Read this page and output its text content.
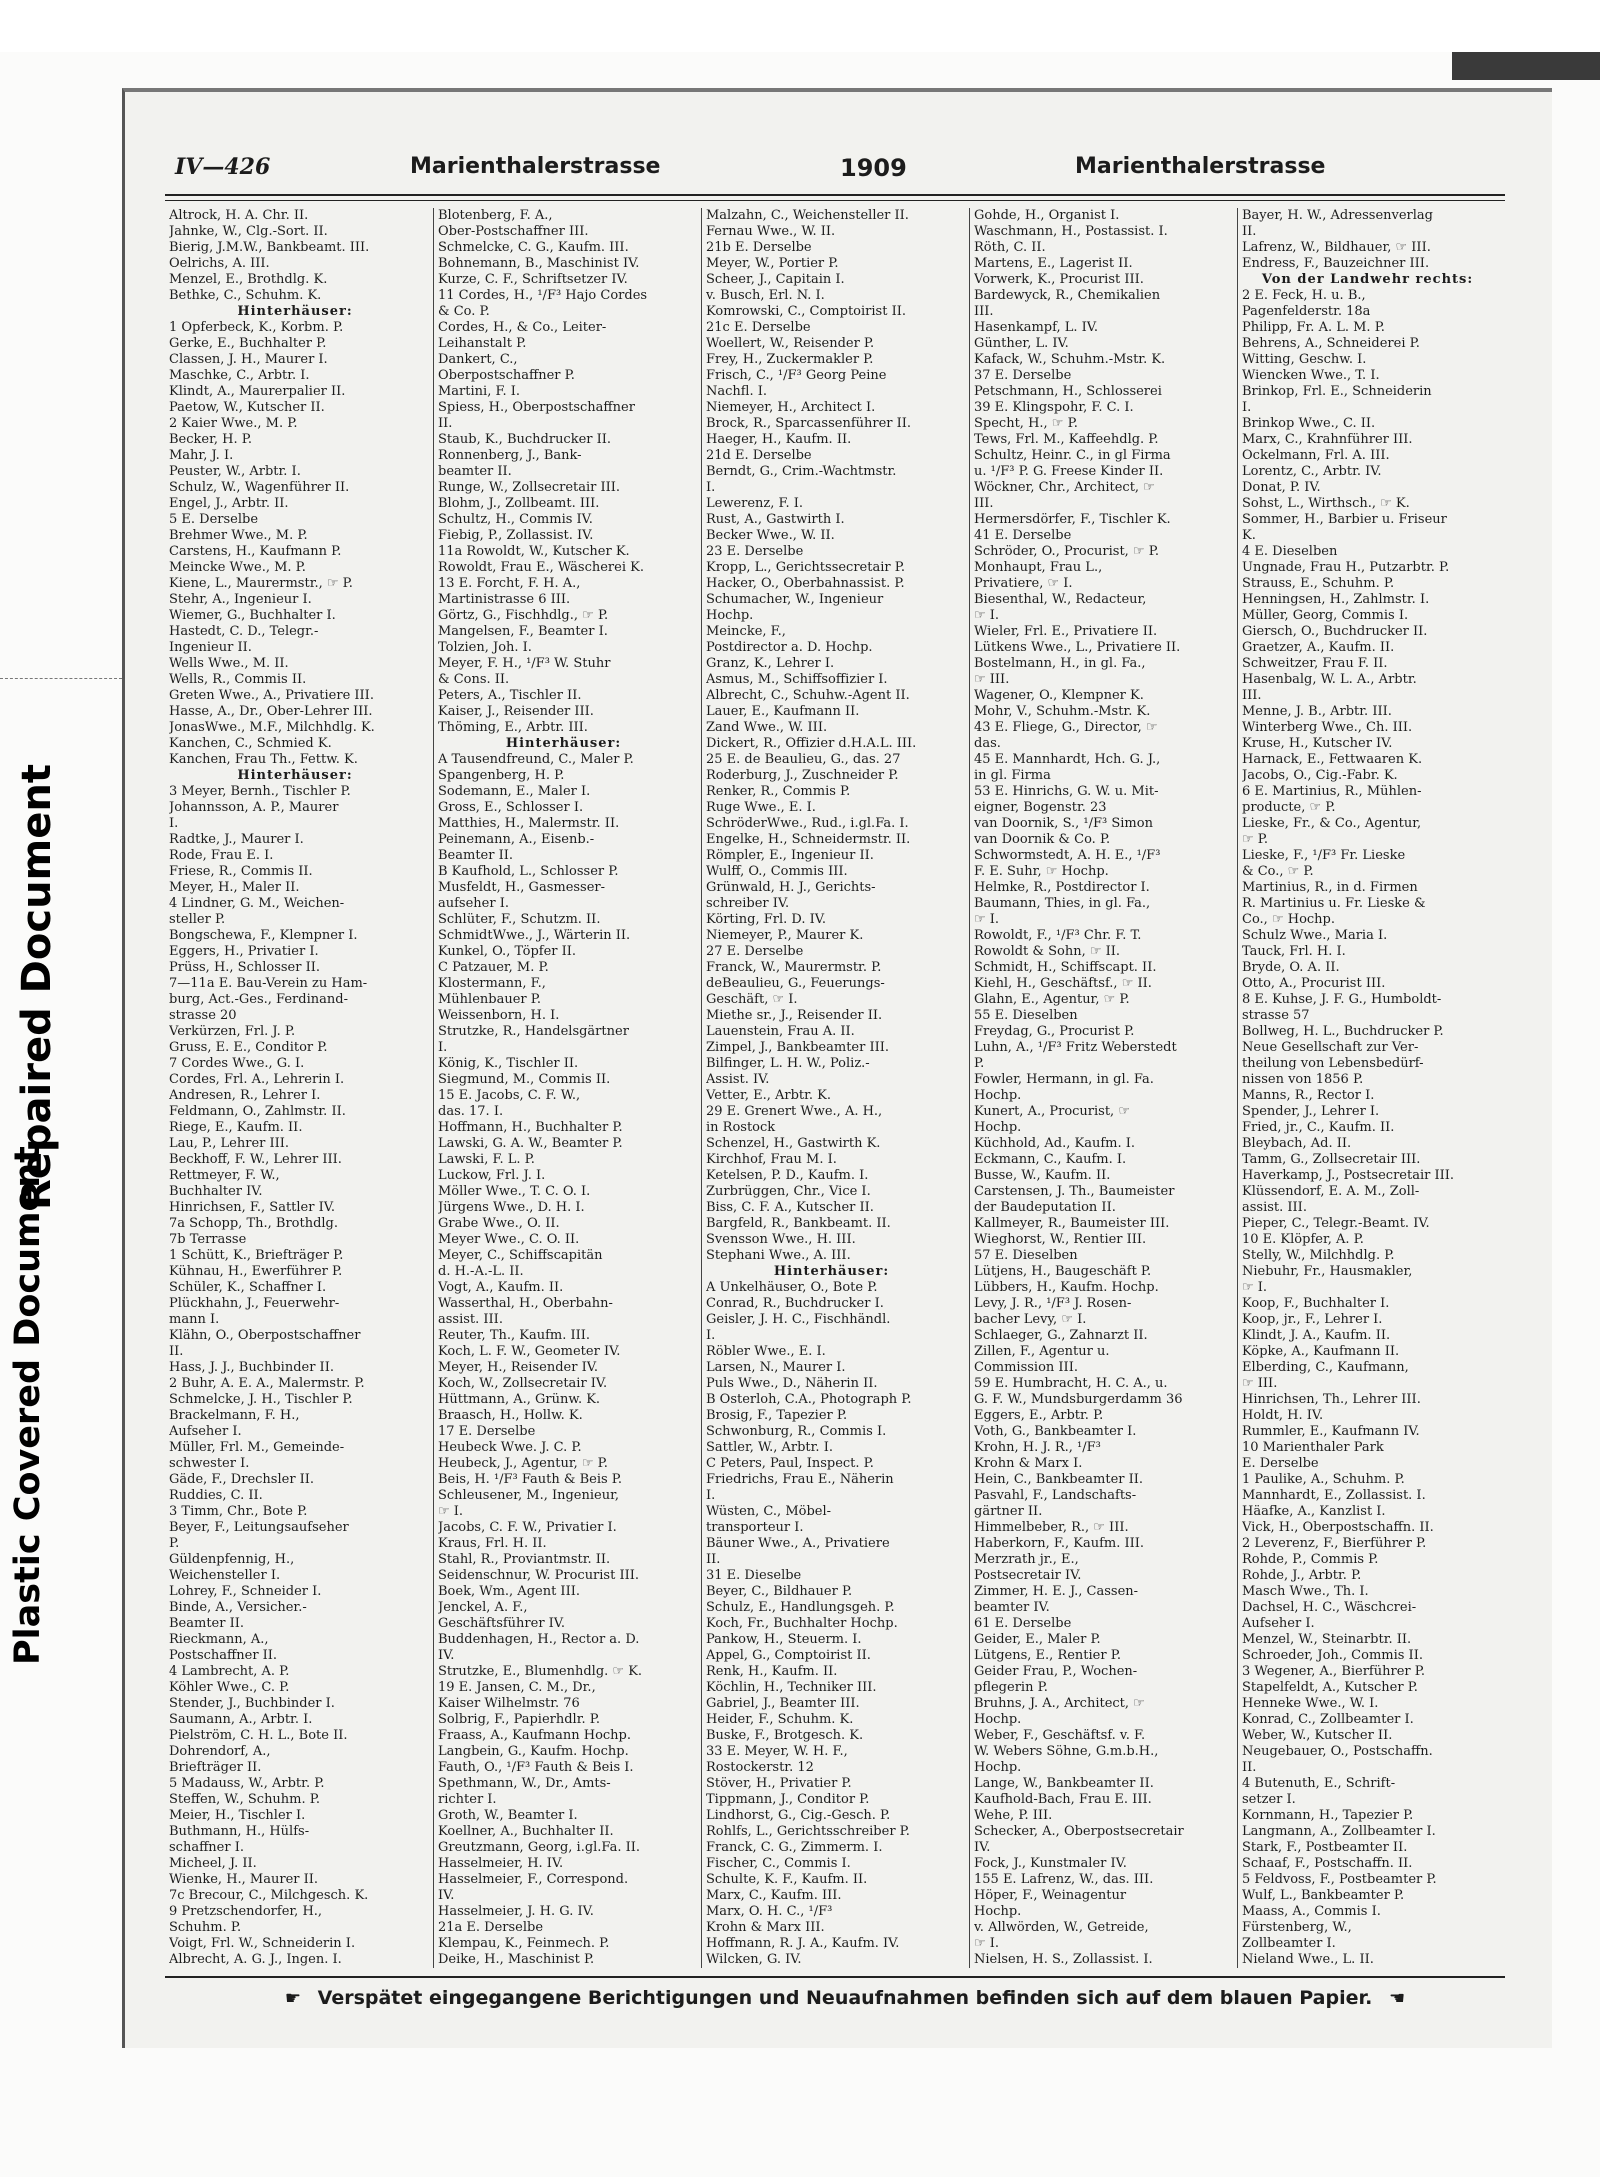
Repaired Document
Plastic Covered Document
IV—426	Marienthalerstrasse	1909	Marienthalerstrasse
Altrock, H. A. Chr. II.
Jahnke, W., Clg.-Sort. II.
Bierig, J.M.W., Bankbeamt. III.
Oelrichs, A. III.
Menzel, E., Brothdlg. K.
Bethke, C., Schuhm. K.
Hinterhäuser:
1 Opferbeck, K., Korbm. P.
Gerke, E., Buchhalter P.
Classen, J. H., Maurer I.
Maschke, C., Arbtr. I.
Klindt, A., Maurerpalier II.
Paetow, W., Kutscher II.
2 Kaier Wwe., M. P.
Becker, H. P.
Mahr, J. I.
Peuster, W., Arbtr. I.
Schulz, W., Wagenführer II.
Engel, J., Arbtr. II.
5 E. Derselbe
Brehmer Wwe., M. P.
Carstens, H., Kaufmann P.
Meincke Wwe., M. P.
Kiene, L., Maurermstr., ☞ P.
Stehr, A., Ingenieur I.
Wiemer, G., Buchhalter I.
Hastedt, C. D., Telegr.-
Ingenieur II.
Wells Wwe., M. II.
Wells, R., Commis II.
Greten Wwe., A., Privatiere III.
Hasse, A., Dr., Ober-Lehrer III.
JonasWwe., M.F., Milchhdlg. K.
Kanchen, C., Schmied K.
Kanchen, Frau Th., Fettw. K.
Hinterhäuser:
3 Meyer, Bernh., Tischler P.
Johannsson, A. P., Maurer
I.
Radtke, J., Maurer I.
Rode, Frau E. I.
Friese, R., Commis II.
Meyer, H., Maler II.
4 Lindner, G. M., Weichen-
steller P.
Bongschewa, F., Klempner I.
Eggers, H., Privatier I.
Prüss, H., Schlosser II.
7—11a E. Bau-Verein zu Ham-
burg, Act.-Ges., Ferdinand-
strasse 20
Verkürzen, Frl. J. P.
Gruss, E. E., Conditor P.
7 Cordes Wwe., G. I.
Cordes, Frl. A., Lehrerin I.
Andresen, R., Lehrer I.
Feldmann, O., Zahlmstr. II.
Riege, E., Kaufm. II.
Lau, P., Lehrer III.
Beckhoff, F. W., Lehrer III.
Rettmeyer, F. W.,
Buchhalter IV.
Hinrichsen, F., Sattler IV.
7a Schopp, Th., Brothdlg.
7b Terrasse
1 Schütt, K., Briefträger P.
Kühnau, H., Ewerführer P.
Schüler, K., Schaffner I.
Plückhahn, J., Feuerwehr-
mann I.
Klähn, O., Oberpostschaffner
II.
Hass, J. J., Buchbinder II.
2 Buhr, A. E. A., Malermstr. P.
Schmelcke, J. H., Tischler P.
Brackelmann, F. H.,
Aufseher I.
Müller, Frl. M., Gemeinde-
schwester I.
Gäde, F., Drechsler II.
Ruddies, C. II.
3 Timm, Chr., Bote P.
Beyer, F., Leitungsaufseher
P.
Güldenpfennig, H.,
Weichensteller I.
Lohrey, F., Schneider I.
Binde, A., Versicher.-
Beamter II.
Rieckmann, A.,
Postschaffner II.
4 Lambrecht, A. P.
Köhler Wwe., C. P.
Stender, J., Buchbinder I.
Saumann, A., Arbtr. I.
Pielström, C. H. L., Bote II.
Dohrendorf, A.,
Briefträger II.
5 Madauss, W., Arbtr. P.
Steffen, W., Schuhm. P.
Meier, H., Tischler I.
Buthmann, H., Hülfs-
schaffner I.
Micheel, J. II.
Wienke, H., Maurer II.
7c Brecour, C., Milchgesch. K.
9 Pretzschendorfer, H.,
Schuhm. P.
Voigt, Frl. W., Schneiderin I.
Albrecht, A. G. J., Ingen. I.
Blotenberg, F. A.,
Ober-Postschaffner III.
Schmelcke, C. G., Kaufm. III.
Bohnemann, B., Maschinist IV.
Kurze, C. F., Schriftsetzer IV.
11 Cordes, H., ¹/F³ Hajo Cordes
& Co. P.
Cordes, H., & Co., Leiter-
Leihanstalt P.
Dankert, C.,
Oberpostschaffner P.
Martini, F. I.
Spiess, H., Oberpostschaffner
II.
Staub, K., Buchdrucker II.
Ronnenberg, J., Bank-
beamter II.
Runge, W., Zollsecretair III.
Blohm, J., Zollbeamt. III.
Schultz, H., Commis IV.
Fiebig, P., Zollassist. IV.
11a Rowoldt, W., Kutscher K.
Rowoldt, Frau E., Wäscherei K.
13 E. Forcht, F. H. A.,
Martinistrasse 6 III.
Görtz, G., Fischhdlg., ☞ P.
Mangelsen, F., Beamter I.
Tolzien, Joh. I.
Meyer, F. H., ¹/F³ W. Stuhr
& Cons. II.
Peters, A., Tischler II.
Kaiser, J., Reisender III.
Thöming, E., Arbtr. III.
Hinterhäuser:
A Tausendfreund, C., Maler P.
Spangenberg, H. P.
Sodemann, E., Maler I.
Gross, E., Schlosser I.
Matthies, H., Malermstr. II.
Peinemann, A., Eisenb.-
Beamter II.
B Kaufhold, L., Schlosser P.
Musfeldt, H., Gasmesser-
aufseher I.
Schlüter, F., Schutzm. II.
SchmidtWwe., J., Wärterin II.
Kunkel, O., Töpfer II.
C Patzauer, M. P.
Klostermann, F.,
Mühlenbauer P.
Weissenborn, H. I.
Strutzke, R., Handelsgärtner
I.
König, K., Tischler II.
Siegmund, M., Commis II.
15 E. Jacobs, C. F. W.,
das. 17. I.
Hoffmann, H., Buchhalter P.
Lawski, G. A. W., Beamter P.
Lawski, F. L. P.
Luckow, Frl. J. I.
Möller Wwe., T. C. O. I.
Jürgens Wwe., D. H. I.
Grabe Wwe., O. II.
Meyer Wwe., C. O. II.
Meyer, C., Schiffscapitän
d. H.-A.-L. II.
Vogt, A., Kaufm. II.
Wasserthal, H., Oberbahn-
assist. III.
Reuter, Th., Kaufm. III.
Koch, L. F. W., Geometer IV.
Meyer, H., Reisender IV.
Koch, W., Zollsecretair IV.
Hüttmann, A., Grünw. K.
Braasch, H., Hollw. K.
17 E. Derselbe
Heubeck Wwe. J. C. P.
Heubeck, J., Agentur, ☞ P.
Beis, H. ¹/F³ Fauth & Beis P.
Schleusener, M., Ingenieur,
☞ I.
Jacobs, C. F. W., Privatier I.
Kraus, Frl. H. II.
Stahl, R., Proviantmstr. II.
Seidenschnur, W. Procurist III.
Boek, Wm., Agent III.
Jenckel, A. F.,
Geschäftsführer IV.
Buddenhagen, H., Rector a. D.
IV.
Strutzke, E., Blumenhdlg. ☞ K.
19 E. Jansen, C. M., Dr.,
Kaiser Wilhelmstr. 76
Solbrig, F., Papierhdlr. P.
Fraass, A., Kaufmann Hochp.
Langbein, G., Kaufm. Hochp.
Fauth, O., ¹/F³ Fauth & Beis I.
Spethmann, W., Dr., Amts-
richter I.
Groth, W., Beamter I.
Koellner, A., Buchhalter II.
Greutzmann, Georg, i.gl.Fa. II.
Hasselmeier, H. IV.
Hasselmeier, F., Correspond.
IV.
Hasselmeier, J. H. G. IV.
21a E. Derselbe
Klempau, K., Feinmech. P.
Deike, H., Maschinist P.
Malzahn, C., Weichensteller II.
Fernau Wwe., W. II.
21b E. Derselbe
Meyer, W., Portier P.
Scheer, J., Capitain I.
v. Busch, Erl. N. I.
Komrowski, C., Comptoirist II.
21c E. Derselbe
Woellert, W., Reisender P.
Frey, H., Zuckermakler P.
Frisch, C., ¹/F³ Georg Peine
Nachfl. I.
Niemeyer, H., Architect I.
Brock, R., Sparcassenführer II.
Haeger, H., Kaufm. II.
21d E. Derselbe
Berndt, G., Crim.-Wachtmstr.
I.
Lewerenz, F. I.
Rust, A., Gastwirth I.
Becker Wwe., W. II.
23 E. Derselbe
Kropp, L., Gerichtssecretair P.
Hacker, O., Oberbahnassist. P.
Schumacher, W., Ingenieur
Hochp.
Meincke, F.,
Postdirector a. D. Hochp.
Granz, K., Lehrer I.
Asmus, M., Schiffsoffizier I.
Albrecht, C., Schuhw.-Agent II.
Lauer, E., Kaufmann II.
Zand Wwe., W. III.
Dickert, R., Offizier d.H.A.L. III.
25 E. de Beaulieu, G., das. 27
Roderburg, J., Zuschneider P.
Renker, R., Commis P.
Ruge Wwe., E. I.
SchröderWwe., Rud., i.gl.Fa. I.
Engelke, H., Schneidermstr. II.
Römpler, E., Ingenieur II.
Wulff, O., Commis III.
Grünwald, H. J., Gerichts-
schreiber IV.
Körting, Frl. D. IV.
Niemeyer, P., Maurer K.
27 E. Derselbe
Franck, W., Maurermstr. P.
deBeaulieu, G., Feuerungs-
Geschäft, ☞ I.
Miethe sr., J., Reisender II.
Lauenstein, Frau A. II.
Zimpel, J., Bankbeamter III.
Bilfinger, L. H. W., Poliz.-
Assist. IV.
Vetter, E., Arbtr. K.
29 E. Grenert Wwe., A. H.,
in Rostock
Schenzel, H., Gastwirth K.
Kirchhof, Frau M. I.
Ketelsen, P. D., Kaufm. I.
Zurbrüggen, Chr., Vice I.
Biss, C. F. A., Kutscher II.
Bargfeld, R., Bankbeamt. II.
Svensson Wwe., H. III.
Stephani Wwe., A. III.
Hinterhäuser:
A Unkelhäuser, O., Bote P.
Conrad, R., Buchdrucker I.
Geisler, J. H. C., Fischhändl.
I.
Röbler Wwe., E. I.
Larsen, N., Maurer I.
Puls Wwe., D., Näherin II.
B Osterloh, C.A., Photograph P.
Brosig, F., Tapezier P.
Schwonburg, R., Commis I.
Sattler, W., Arbtr. I.
C Peters, Paul, Inspect. P.
Friedrichs, Frau E., Näherin
I.
Wüsten, C., Möbel-
transporteur I.
Bäuner Wwe., A., Privatiere
II.
31 E. Dieselbe
Beyer, C., Bildhauer P.
Schulz, E., Handlungsgeh. P.
Koch, Fr., Buchhalter Hochp.
Pankow, H., Steuerm. I.
Appel, G., Comptoirist II.
Renk, H., Kaufm. II.
Köchlin, H., Techniker III.
Gabriel, J., Beamter III.
Heider, F., Schuhm. K.
Buske, F., Brotgesch. K.
33 E. Meyer, W. H. F.,
Rostockerstr. 12
Stöver, H., Privatier P.
Tippmann, J., Conditor P.
Lindhorst, G., Cig.-Gesch. P.
Rohlfs, L., Gerichtsschreiber P.
Franck, C. G., Zimmerm. I.
Fischer, C., Commis I.
Schulte, K. F., Kaufm. II.
Marx, C., Kaufm. III.
Marx, O. H. C., ¹/F³
Krohn & Marx III.
Hoffmann, R. J. A., Kaufm. IV.
Wilcken, G. IV.
Gohde, H., Organist I.
Waschmann, H., Postassist. I.
Röth, C. II.
Martens, E., Lagerist II.
Vorwerk, K., Procurist III.
Bardewyck, R., Chemikalien
III.
Hasenkampf, L. IV.
Günther, L. IV.
Kafack, W., Schuhm.-Mstr. K.
37 E. Derselbe
Petschmann, H., Schlosserei
39 E. Klingspohr, F. C. I.
Specht, H., ☞ P.
Tews, Frl. M., Kaffeehdlg. P.
Schultz, Heinr. C., in gl Firma
u. ¹/F³ P. G. Freese Kinder II.
Wöckner, Chr., Architect, ☞
III.
Hermersdörfer, F., Tischler K.
41 E. Derselbe
Schröder, O., Procurist, ☞ P.
Monhaupt, Frau L.,
Privatiere, ☞ I.
Biesenthal, W., Redacteur,
☞ I.
Wieler, Frl. E., Privatiere II.
Lütkens Wwe., L., Privatiere II.
Bostelmann, H., in gl. Fa.,
☞ III.
Wagener, O., Klempner K.
Mohr, V., Schuhm.-Mstr. K.
43 E. Fliege, G., Director, ☞
das.
45 E. Mannhardt, Hch. G. J.,
in gl. Firma
53 E. Hinrichs, G. W. u. Mit-
eigner, Bogenstr. 23
van Doornik, S., ¹/F³ Simon
van Doornik & Co. P.
Schwormstedt, A. H. E., ¹/F³
F. E. Suhr, ☞ Hochp.
Helmke, R., Postdirector I.
Baumann, Thies, in gl. Fa.,
☞ I.
Rowoldt, F., ¹/F³ Chr. F. T.
Rowoldt & Sohn, ☞ II.
Schmidt, H., Schiffscapt. II.
Kiehl, H., Geschäftsf., ☞ II.
Glahn, E., Agentur, ☞ P.
55 E. Dieselben
Freydag, G., Procurist P.
Luhn, A., ¹/F³ Fritz Weberstedt
P.
Fowler, Hermann, in gl. Fa.
Hochp.
Kunert, A., Procurist, ☞
Hochp.
Küchhold, Ad., Kaufm. I.
Eckmann, C., Kaufm. I.
Busse, W., Kaufm. II.
Carstensen, J. Th., Baumeister
der Baudeputation II.
Kallmeyer, R., Baumeister III.
Wieghorst, W., Rentier III.
57 E. Dieselben
Lütjens, H., Baugeschäft P.
Lübbers, H., Kaufm. Hochp.
Levy, J. R., ¹/F³ J. Rosen-
bacher Levy, ☞ I.
Schlaeger, G., Zahnarzt II.
Zillen, F., Agentur u.
Commission III.
59 E. Humbracht, H. C. A., u.
G. F. W., Mundsburgerdamm 36
Eggers, E., Arbtr. P.
Voth, G., Bankbeamter I.
Krohn, H. J. R., ¹/F³
Krohn & Marx I.
Hein, C., Bankbeamter II.
Pasvahl, F., Landschafts-
gärtner II.
Himmelbeber, R., ☞ III.
Haberkorn, F., Kaufm. III.
Merzrath jr., E.,
Postsecretair IV.
Zimmer, H. E. J., Cassen-
beamter IV.
61 E. Derselbe
Geider, E., Maler P.
Lütgens, E., Rentier P.
Geider Frau, P., Wochen-
pflegerin P.
Bruhns, J. A., Architect, ☞
Hochp.
Weber, F., Geschäftsf. v. F.
W. Webers Söhne, G.m.b.H.,
Hochp.
Lange, W., Bankbeamter II.
Kaufhold-Bach, Frau E. III.
Wehe, P. III.
Schecker, A., Oberpostsecretair
IV.
Fock, J., Kunstmaler IV.
155 E. Lafrenz, W., das. III.
Höper, F., Weinagentur
Hochp.
v. Allwörden, W., Getreide,
☞ I.
Nielsen, H. S., Zollassist. I.
Bayer, H. W., Adressenverlag
II.
Lafrenz, W., Bildhauer, ☞ III.
Endress, F., Bauzeichner III.
Von der Landwehr rechts:
2 E. Feck, H. u. B.,
Pagenfelderstr. 18a
Philipp, Fr. A. L. M. P.
Behrens, A., Schneiderei P.
Witting, Geschw. I.
Wiencken Wwe., T. I.
Brinkop, Frl. E., Schneiderin
I.
Brinkop Wwe., C. II.
Marx, C., Krahnführer III.
Ockelmann, Frl. A. III.
Lorentz, C., Arbtr. IV.
Donat, P. IV.
Sohst, L., Wirthsch., ☞ K.
Sommer, H., Barbier u. Friseur
K.
4 E. Dieselben
Ungnade, Frau H., Putzarbtr. P.
Strauss, E., Schuhm. P.
Henningsen, H., Zahlmstr. I.
Müller, Georg, Commis I.
Giersch, O., Buchdrucker II.
Graetzer, A., Kaufm. II.
Schweitzer, Frau F. II.
Hasenbalg, W. L. A., Arbtr.
III.
Menne, J. B., Arbtr. III.
Winterberg Wwe., Ch. III.
Kruse, H., Kutscher IV.
Harnack, E., Fettwaaren K.
Jacobs, O., Cig.-Fabr. K.
6 E. Martinius, R., Mühlen-
producte, ☞ P.
Lieske, Fr., & Co., Agentur,
☞ P.
Lieske, F., ¹/F³ Fr. Lieske
& Co., ☞ P.
Martinius, R., in d. Firmen
R. Martinius u. Fr. Lieske &
Co., ☞ Hochp.
Schulz Wwe., Maria I.
Tauck, Frl. H. I.
Bryde, O. A. II.
Otto, A., Procurist III.
8 E. Kuhse, J. F. G., Humboldt-
strasse 57
Bollweg, H. L., Buchdrucker P.
Neue Gesellschaft zur Ver-
theilung von Lebensbedürf-
nissen von 1856 P.
Manns, R., Rector I.
Spender, J., Lehrer I.
Fried, jr., C., Kaufm. II.
Bleybach, Ad. II.
Tamm, G., Zollsecretair III.
Haverkamp, J., Postsecretair III.
Klüssendorf, E. A. M., Zoll-
assist. III.
Pieper, C., Telegr.-Beamt. IV.
10 E. Klöpfer, A. P.
Stelly, W., Milchhdlg. P.
Niebuhr, Fr., Hausmakler,
☞ I.
Koop, F., Buchhalter I.
Koop, jr., F., Lehrer I.
Klindt, J. A., Kaufm. II.
Köpke, A., Kaufmann II.
Elberding, C., Kaufmann,
☞ III.
Hinrichsen, Th., Lehrer III.
Holdt, H. IV.
Rummler, E., Kaufmann IV.
10 Marienthaler Park
E. Derselbe
1 Paulike, A., Schuhm. P.
Mannhardt, E., Zollassist. I.
Häafke, A., Kanzlist I.
Vick, H., Oberpostschaffn. II.
2 Leverenz, F., Bierführer P.
Rohde, P., Commis P.
Rohde, J., Arbtr. P.
Masch Wwe., Th. I.
Dachsel, H. C., Wäschcrei-
Aufseher I.
Menzel, W., Steinarbtr. II.
Schroeder, Joh., Commis II.
3 Wegener, A., Bierführer P.
Stapelfeldt, A., Kutscher P.
Henneke Wwe., W. I.
Konrad, C., Zollbeamter I.
Weber, W., Kutscher II.
Neugebauer, O., Postschaffn.
II.
4 Butenuth, E., Schrift-
setzer I.
Kornmann, H., Tapezier P.
Langmann, A., Zollbeamter I.
Stark, F., Postbeamter II.
Schaaf, F., Postschaffn. II.
5 Feldvoss, F., Postbeamter P.
Wulf, L., Bankbeamter P.
Maass, A., Commis I.
Fürstenberg, W.,
Zollbeamter I.
Nieland Wwe., L. II.
☛ Verspätet eingegangene Berichtigungen und Neuaufnahmen befinden sich auf dem blauen Papier. ☚
